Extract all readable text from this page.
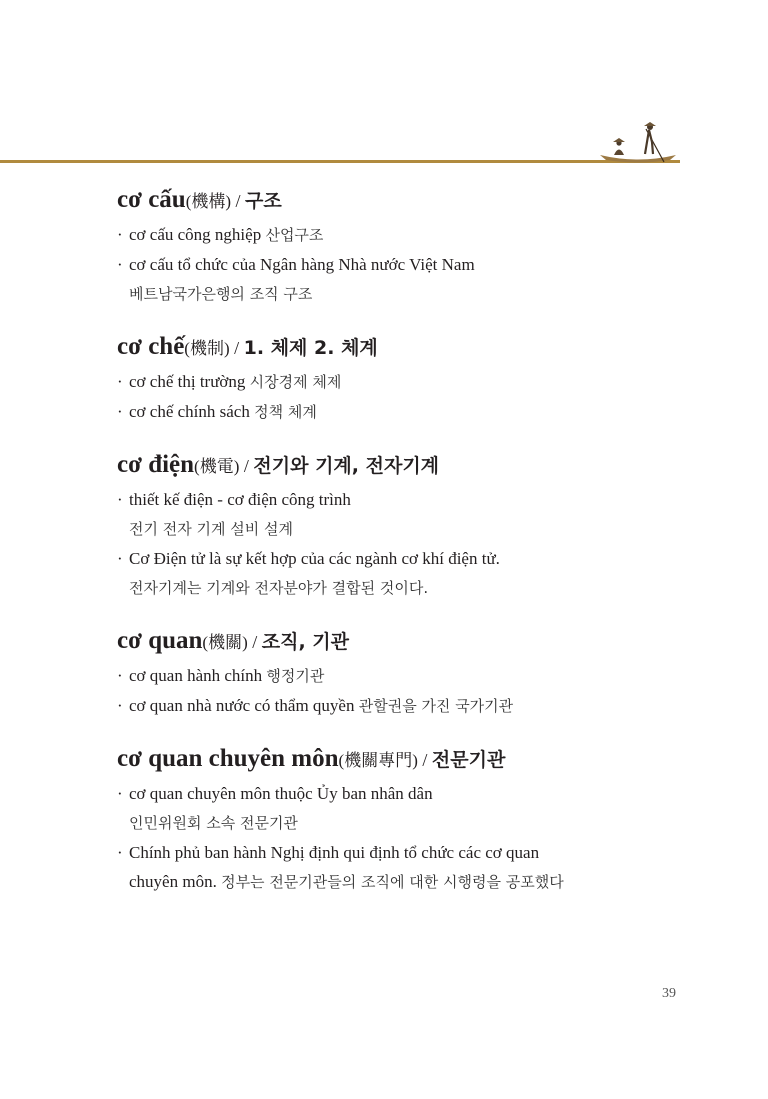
cơ cấu(機構) / 구조
· cơ cấu công nghiệp 산업구조
· cơ cấu tổ chức của Ngân hàng Nhà nước Việt Nam
베트남국가은행의 조직 구조
cơ chế(機制) / 1. 체제 2. 체계
· cơ chế thị trường 시장경제 체제
· cơ chế chính sách 정책 체계
cơ điện(機電) / 전기와 기계, 전자기계
· thiết kế điện - cơ điện công trình
전기 전자 기계 설비 설계
· Cơ Điện tử là sự kết hợp của các ngành cơ khí điện tử.
전자기계는 기계와 전자분야가 결합된 것이다.
cơ quan(機關) / 조직, 기관
· cơ quan hành chính 행정기관
· cơ quan nhà nước có thẩm quyền 관할권을 가진 국가기관
cơ quan chuyên môn(機關專門) / 전문기관
· cơ quan chuyên môn thuộc Ủy ban nhân dân
인민위원회 소속 전문기관
· Chính phủ ban hành Nghị định qui định tổ chức các cơ quan
chuyên môn. 정부는 전문기관들의 조직에 대한 시행령을 공포했다
39
